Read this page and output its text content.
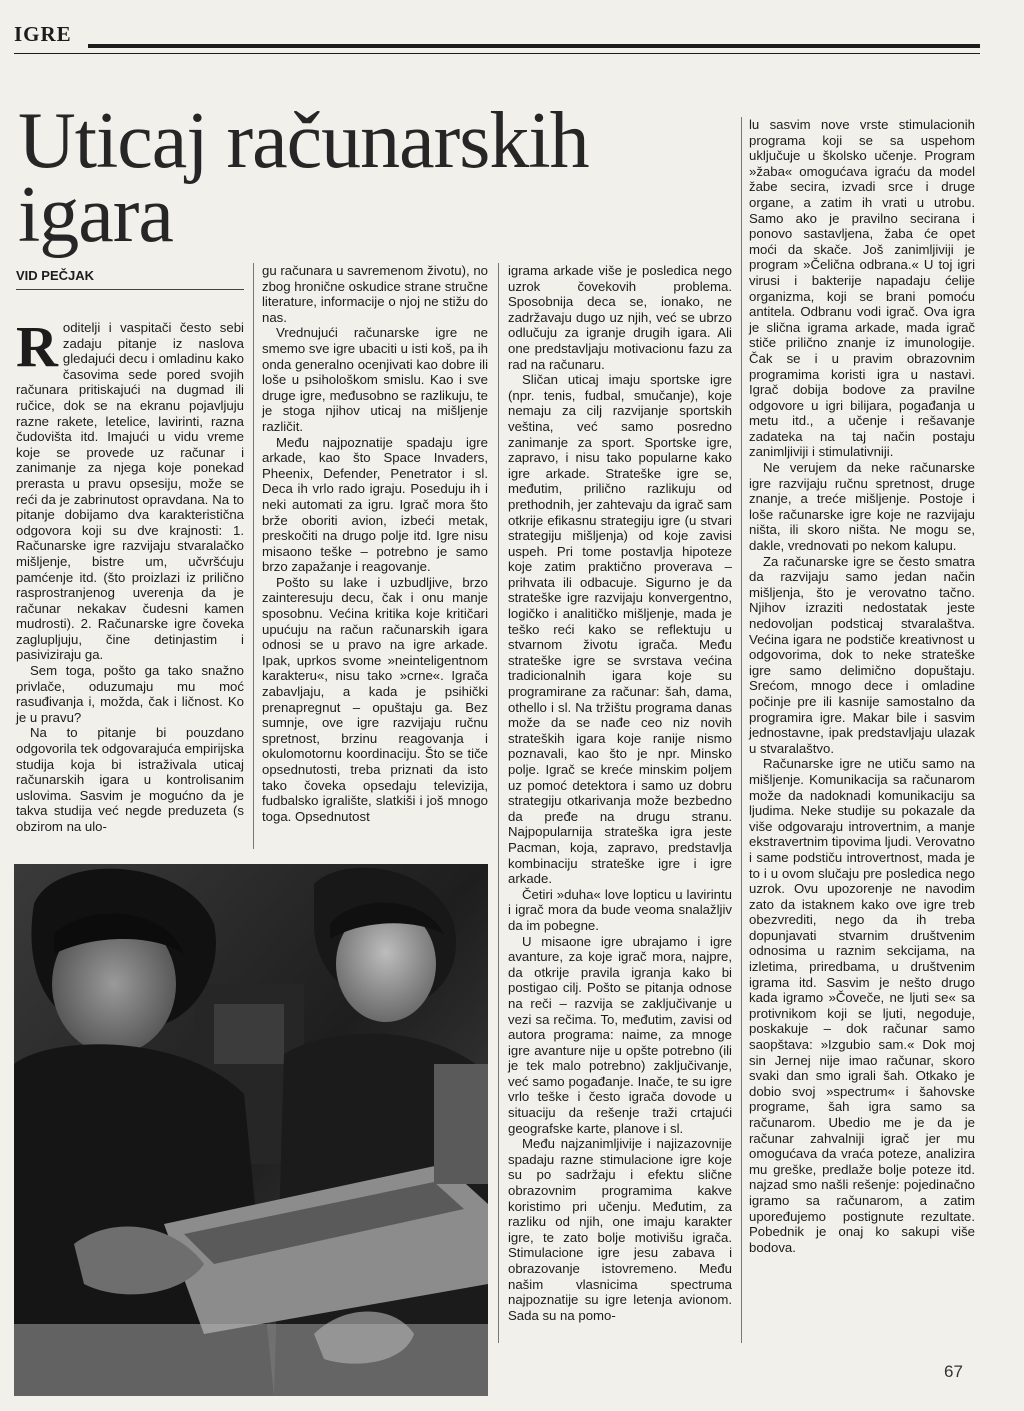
IGRE
Uticaj računarskih
igara
VID PEČJAK

Roditelji i vaspitači često sebi zadaju pitanje iz naslova gledajući decu i omladinu kako časovima sede pored svojih računara pritiskajući na dugmad ili ručice, dok se na ekranu pojavljuju razne rakete, letelice, lavirinti, razna čudovišta itd. Imajući u vidu vreme koje se provede uz računar i zanimanje za njega koje ponekad prerasta u pravu opsesiju, može se reći da je zabrinutost opravdana. Na to pitanje dobijamo dva karakteristična odgovora koji su dve krajnosti: 1. Računarske igre razvijaju stvaralačko mišljenje, bistre um, učvršćuju pamćenje itd. (što proizlazi iz prilično rasprostranjenog uverenja da je računar nekakav čudesni kamen mudrosti). 2. Računarske igre čoveka zaglupljuju, čine detinjastim i pasiviziraju ga.

Sem toga, pošto ga tako snažno privlače, oduzumaju mu moć rasuđivanja i, možda, čak i ličnost. Ko je u pravu?

Na to pitanje bi pouzdano odgovorila tek odgovarajuća empirijska studija koja bi istraživala uticaj računarskih igara u kontrolisanim uslovima. Sasvim je mogućno da je takva studija već negde preduzeta (s obzirom na ulo-

gu računara u savremenom životu), no zbog hronične oskudice strane stručne literature, informacije o njoj ne stižu do nas.

Vrednujući računarske igre ne smemo sve igre ubaciti u isti koš, pa ih onda generalno ocenjivati kao dobre ili loše u psihološkom smislu. Kao i sve druge igre, međusobno se razlikuju, te je stoga njihov uticaj na mišljenje različit.

Među najpoznatije spadaju igre arkade, kao što Space Invaders, Pheenix, Defender, Penetrator i sl. Deca ih vrlo rado igraju. Poseduju ih i neki automati za igru. Igrač mora što brže oboriti avion, izbeći metak, preskočiti na drugo polje itd. Igre nisu misaono teške – potrebno je samo brzo zapažanje i reagovanje.

Pošto su lake i uzbudljive, brzo zainteresuju decu, čak i onu manje sposobnu. Većina kritika koje kritičari upućuju na račun računarskih igara odnosi se u pravo na igre arkade. Ipak, uprkos svome »neinteligentnom karakteru«, nisu tako »crne«. Igrača zabavljaju, a kada je psihički prenapregnut – opuštaju ga. Bez sumnje, ove igre razvijaju ručnu spretnost, brzinu reagovanja i okulomotornu koordinaciju. Što se tiče opsednutosti, treba priznati da isto tako čoveka opsedaju televizija, fudbalsko igralište, slatkiši i još mnogo toga. Opsednutost

igrama arkade više je posledica nego uzrok čovekovih problema. Sposobnija deca se, ionako, ne zadržavaju dugo uz njih, već se ubrzo odlučuju za igranje drugih igara. Ali one predstavljaju motivacionu fazu za rad na računaru.

Sličan uticaj imaju sportske igre (npr. tenis, fudbal, smučanje), koje nemaju za cilj razvijanje sportskih veština, već samo posredno zanimanje za sport. Sportske igre, zapravo, i nisu tako popularne kako igre arkade. Strateške igre se, međutim, prilično razlikuju od prethodnih, jer zahtevaju da igrač sam otkrije efikasnu strategiju igre (u stvari strategiju mišljenja) od koje zavisi uspeh. Pri tome postavlja hipoteze koje zatim praktično proverava – prihvata ili odbacuje. Sigurno je da strateške igre razvijaju konvergentno, logičko i analitičko mišljenje, mada je teško reći kako se reflektuju u stvarnom životu igrača. Među strateške igre se svrstava većina tradicionalnih igara koje su programirane za računar: šah, dama, othello i sl. Na tržištu programa danas može da se nađe ceo niz novih strateških igara koje ranije nismo poznavali, kao što je npr. Minsko polje. Igrač se kreće minskim poljem uz pomoć detektora i samo uz dobru strategiju otkarivanja može bezbedno da pređe na drugu stranu. Najpopularnija strateška igra jeste Pacman, koja, zapravo, predstavlja kombinaciju strateške igre i igre arkade.

Četiri »duha« love lopticu u lavirintu i igrač mora da bude veoma snalažljiv da im pobegne.

U misaone igre ubrajamo i igre avanture, za koje igrač mora, najpre, da otkrije pravila igranja kako bi postigao cilj. Pošto se pitanja odnose na reči – razvija se zaključivanje u vezi sa rečima. To, međutim, zavisi od autora programa: naime, za mnoge igre avanture nije u opšte potrebno (ili je tek malo potrebno) zaključivanje, već samo pogađanje. Inače, te su igre vrlo teške i često igrača dovode u situaciju da rešenje traži crtajući geografske karte, planove i sl.

Među najzanimljivije i najizazovnije spadaju razne stimulacione igre koje su po sadržaju i efektu slične obrazovnim programima kakve koristimo pri učenju. Međutim, za razliku od njih, one imaju karakter igre, te zato bolje motivišu igrača. Stimulacione igre jesu zabava i obrazovanje istovremeno. Među našim vlasnicima spectruma najpoznatije su igre letenja avionom. Sada su na pomo-

lu sasvim nove vrste stimulacionih programa koji se sa uspehom uključuje u školsko učenje. Program »žaba« omogućava igraću da model žabe secira, izvadi srce i druge organe, a zatim ih vrati u utrobu. Samo ako je pravilno secirana i ponovo sastavljena, žaba će opet moći da skače. Još zanimljiviji je program »Čelična odbrana.« U toj igri virusi i bakterije napadaju ćelije organizma, koji se brani pomoću antitela. Odbranu vodi igrač. Ova igra je slična igrama arkade, mada igrač stiče prilično znanje iz imunologije. Čak se i u pravim obrazovnim programima koristi igra u nastavi. Igrač dobija bodove za pravilne odgovore u igri bilijara, pogađanja u metu itd., a učenje i rešavanje zadateka na taj način postaju zanimljiviji i stimulativniji.

Ne verujem da neke računarske igre razvijaju ručnu spretnost, druge znanje, a treće mišljenje. Postoje i loše računarske igre koje ne razvijaju ništa, ili skoro ništa. Ne mogu se, dakle, vrednovati po nekom kalupu.

Za računarske igre se često smatra da razvijaju samo jedan način mišljenja, što je verovatno tačno. Njihov izraziti nedostatak jeste nedovoljan podsticaj stvaralaštva. Većina igara ne podstiče kreativnost u odgovorima, dok to neke strateške igre samo delimično dopuštaju. Srećom, mnogo dece i omladine počinje pre ili kasnije samostalno da programira igre. Makar bile i sasvim jednostavne, ipak predstavljaju ulazak u stvaralaštvo.

Računarske igre ne utiču samo na mišljenje. Komunikacija sa računarom može da nadoknadi komunikaciju sa ljudima. Neke studije su pokazale da više odgovaraju introvertnim, a manje ekstravertnim tipovima ljudi. Verovatno i same podstiču introvertnost, mada je to i u ovom slučaju pre posledica nego uzrok. Ovu upozorenje ne navodim zato da istaknem kako ove igre treb obezvrediti, nego da ih treba dopunjavati stvarnim društvenim odnosima u raznim sekcijama, na izletima, priredbama, u društvenim igrama itd. Sasvim je nešto drugo kada igramo »Čoveče, ne ljuti se« sa protivnikom koji se ljuti, negoduje, poskakuje – dok računar samo saopštava: »Izgubio sam.« Dok moj sin Jernej nije imao računar, skoro svaki dan smo igrali šah. Otkako je dobio svoj »spectrum« i šahovske programe, šah igra samo sa računarom. Ubedio me je da je računar zahvalniji igrač jer mu omogućava da vraća poteze, analizira mu greške, predlaže bolje poteze itd. najzad smo našli rešenje: pojedinačno igramo sa računarom, a zatim upoređujemo postignute rezultate. Pobednik je onaj ko sakupi više bodova.

67
